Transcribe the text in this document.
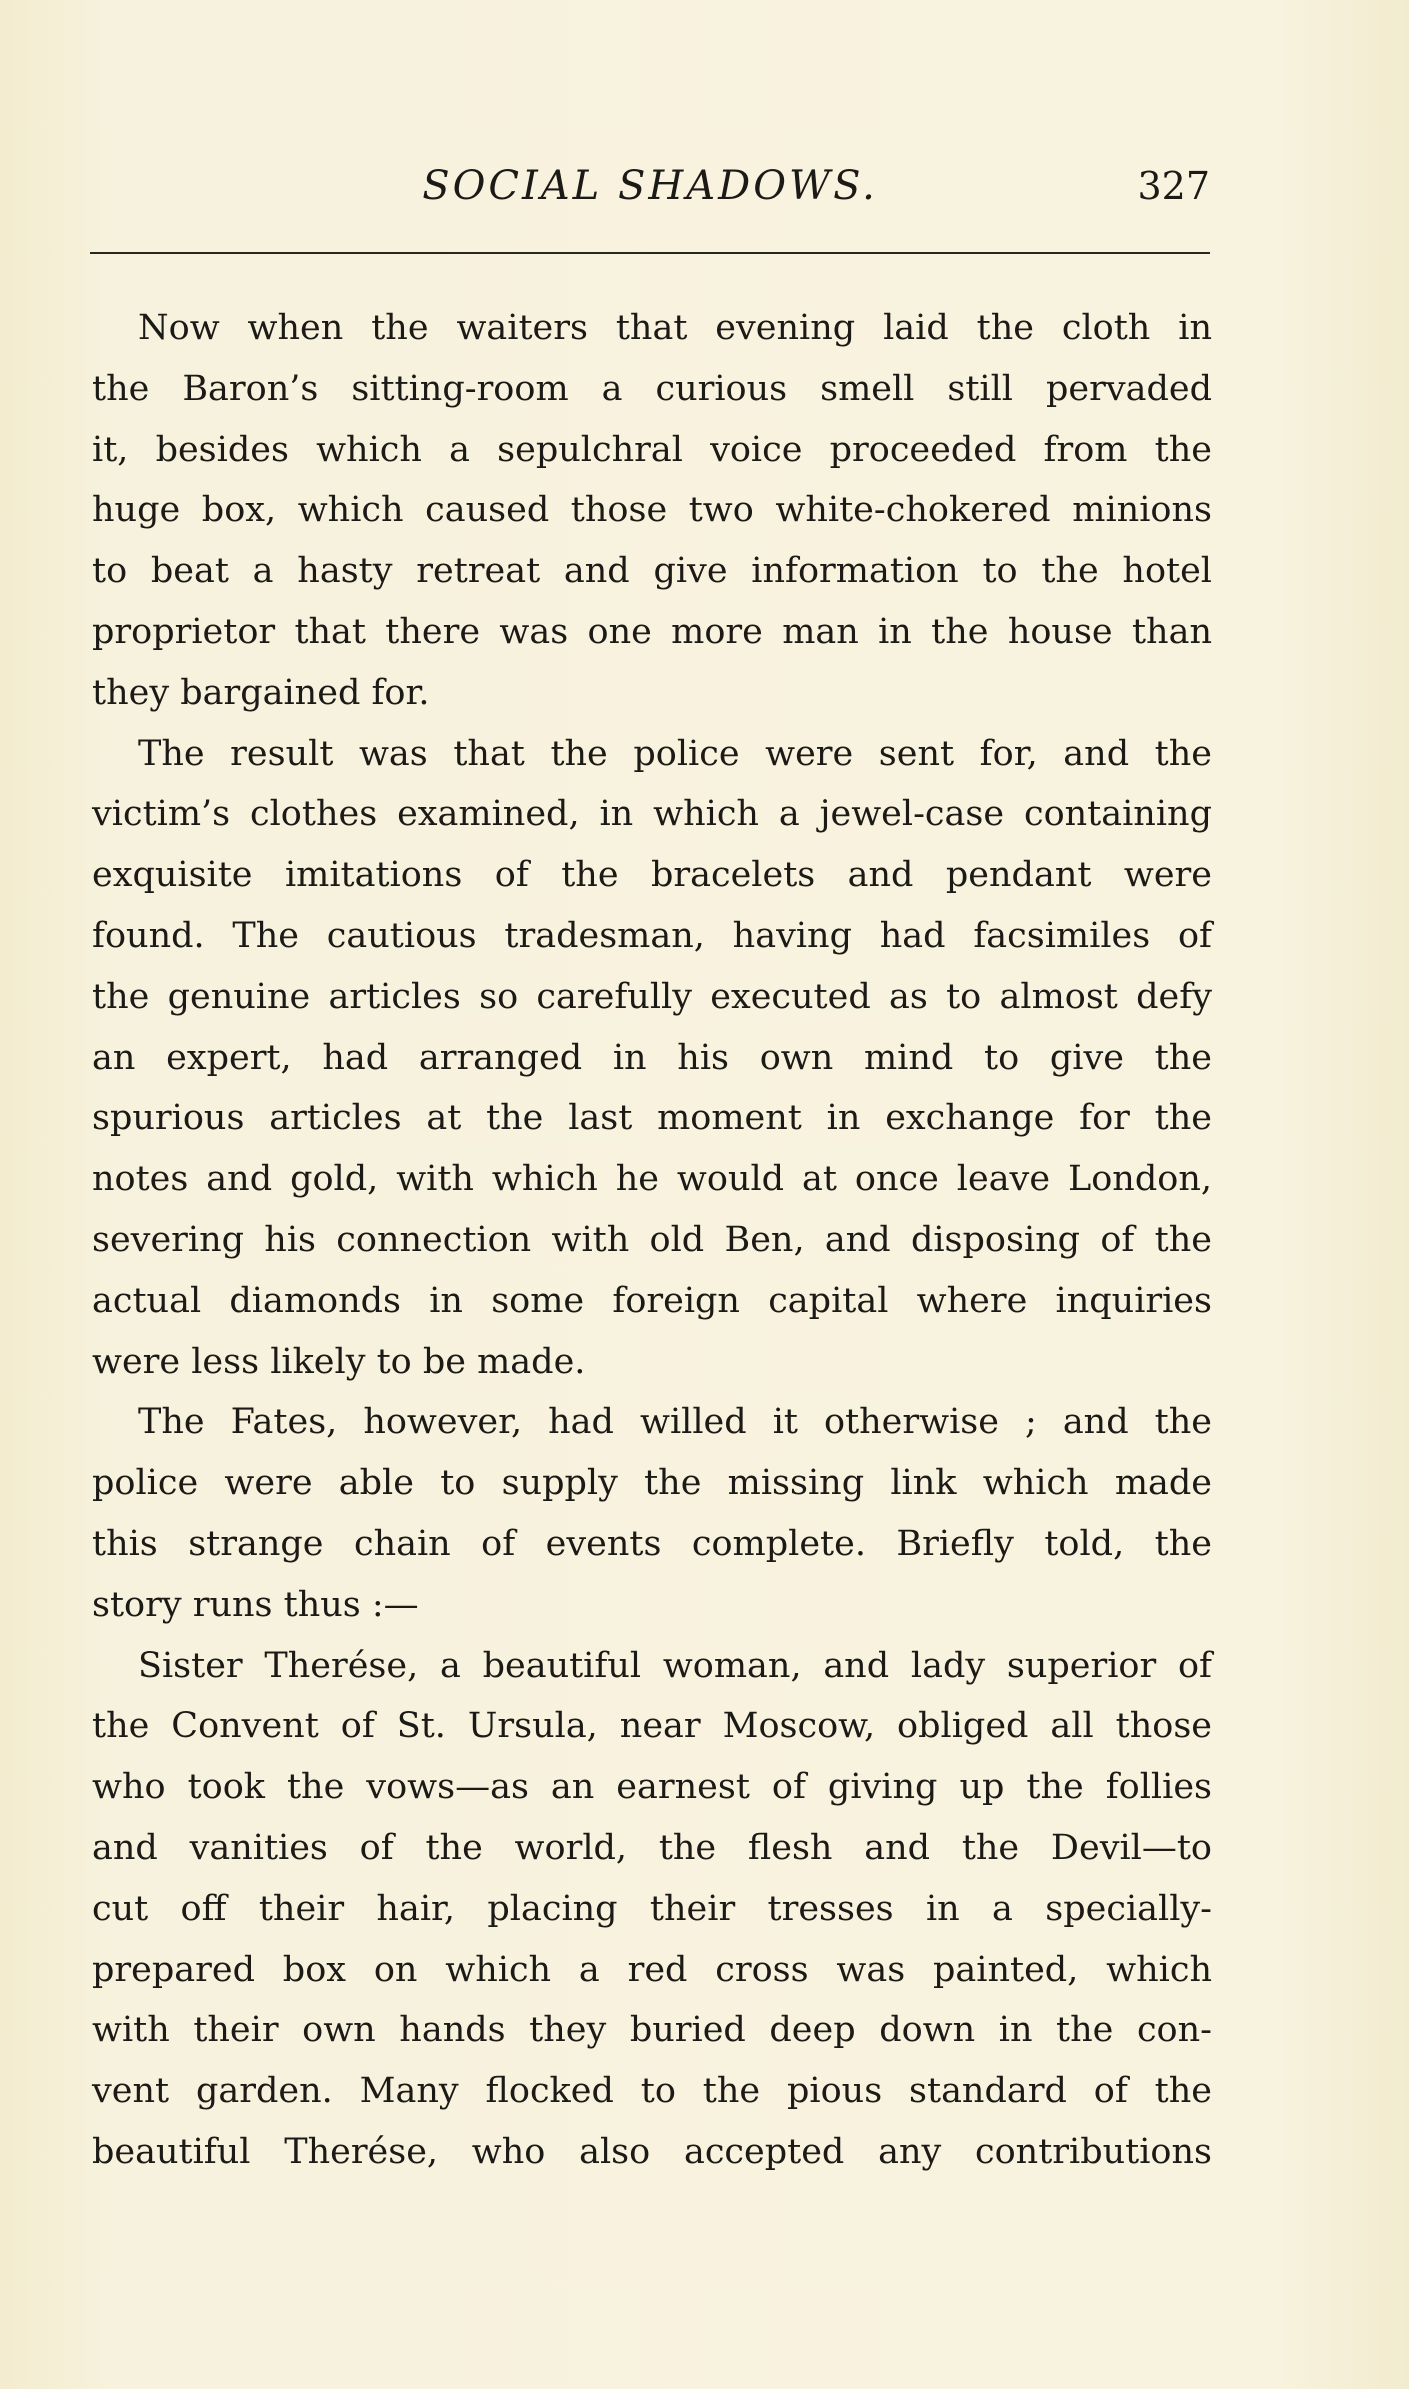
SOCIAL SHADOWS.	327
Now when the waiters that evening laid the cloth in
the Baron’s sitting-room a curious smell still pervaded
it, besides which a sepulchral voice proceeded from the
huge box, which caused those two white-chokered minions
to beat a hasty retreat and give information to the hotel
proprietor that there was one more man in the house than
they bargained for.
The result was that the police were sent for, and the
victim’s clothes examined, in which a jewel-case containing
exquisite imitations of the bracelets and pendant were
found. The cautious tradesman, having had facsimiles of
the genuine articles so carefully executed as to almost defy
an expert, had arranged in his own mind to give the
spurious articles at the last moment in exchange for the
notes and gold, with which he would at once leave London,
severing his connection with old Ben, and disposing of the
actual diamonds in some foreign capital where inquiries
were less likely to be made.
The Fates, however, had willed it otherwise ; and the
police were able to supply the missing link which made
this strange chain of events complete. Briefly told, the
story runs thus :—
Sister Therése, a beautiful woman, and lady superior of
the Convent of St. Ursula, near Moscow, obliged all those
who took the vows—as an earnest of giving up the follies
and vanities of the world, the flesh and the Devil—to
cut off their hair, placing their tresses in a specially-
prepared box on which a red cross was painted, which
with their own hands they buried deep down in the con-
vent garden. Many flocked to the pious standard of the
beautiful Therése, who also accepted any contributions
